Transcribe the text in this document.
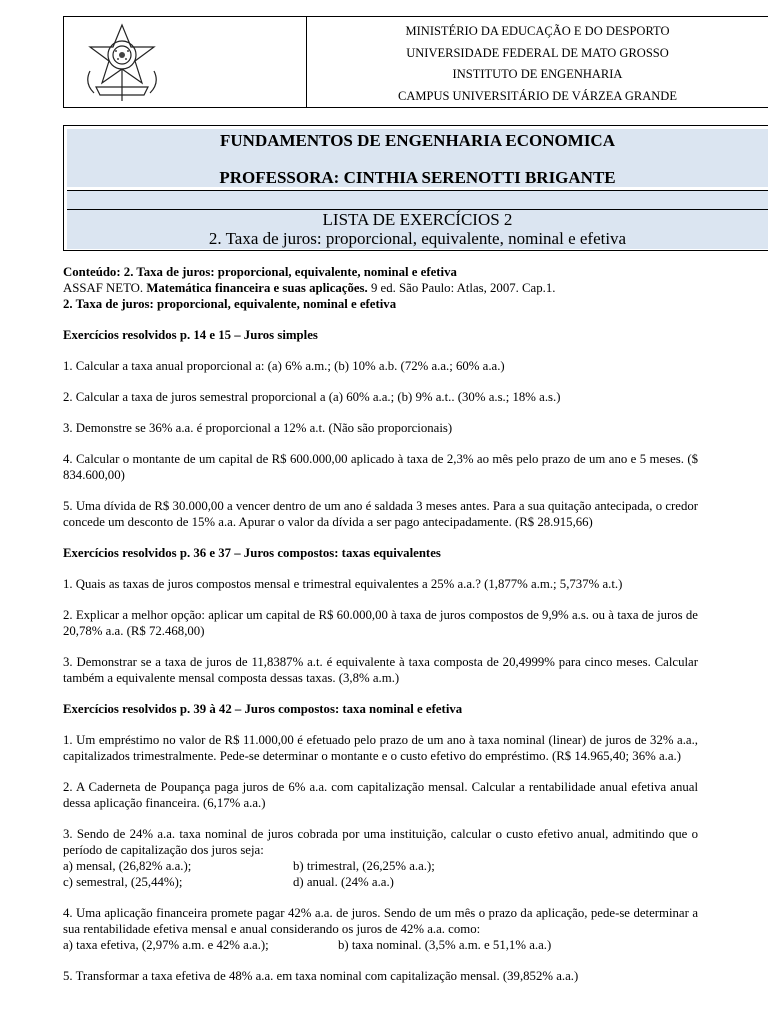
MINISTÉRIO DA EDUCAÇÃO E DO DESPORTO
UNIVERSIDADE FEDERAL DE MATO GROSSO
INSTITUTO DE ENGENHARIA
CAMPUS UNIVERSITÁRIO DE VÁRZEA GRANDE
FUNDAMENTOS DE ENGENHARIA ECONOMICA
PROFESSORA: CINTHIA SERENOTTI BRIGANTE
LISTA DE EXERCÍCIOS 2
2. Taxa de juros: proporcional, equivalente, nominal e efetiva

Conteúdo: 2. Taxa de juros: proporcional, equivalente, nominal e efetiva

ASSAF NETO. Matemática financeira e suas aplicações. 9 ed. São Paulo: Atlas, 2007. Cap.1.

2. Taxa de juros: proporcional, equivalente, nominal e efetiva

Exercícios resolvidos p. 14 e 15 – Juros simples

1. Calcular a taxa anual proporcional a: (a) 6% a.m.; (b) 10% a.b. (72% a.a.; 60% a.a.)

2. Calcular a taxa de juros semestral proporcional a (a) 60% a.a.; (b) 9% a.t.. (30% a.s.; 18% a.s.)

3. Demonstre se 36% a.a. é proporcional a 12% a.t. (Não são proporcionais)

4. Calcular o montante de um capital de R$ 600.000,00 aplicado à taxa de 2,3% ao mês pelo prazo de um ano e 5 meses. ($ 834.600,00)

5. Uma dívida de R$ 30.000,00 a vencer dentro de um ano é saldada 3 meses antes. Para a sua quitação antecipada, o credor concede um desconto de 15% a.a. Apurar o valor da dívida a ser pago antecipadamente. (R$ 28.915,66)

Exercícios resolvidos p. 36 e 37 – Juros compostos: taxas equivalentes

1. Quais as taxas de juros compostos mensal e trimestral equivalentes a 25% a.a.? (1,877% a.m.; 5,737% a.t.)

2. Explicar a melhor opção: aplicar um capital de R$ 60.000,00 à taxa de juros compostos de 9,9% a.s. ou à taxa de juros de 20,78% a.a. (R$ 72.468,00)

3. Demonstrar se a taxa de juros de 11,8387% a.t. é equivalente à taxa composta de 20,4999% para cinco meses. Calcular também a equivalente mensal composta dessas taxas. (3,8% a.m.)

Exercícios resolvidos p. 39 à 42 – Juros compostos: taxa nominal e efetiva

1. Um empréstimo no valor de R$ 11.000,00 é efetuado pelo prazo de um ano à taxa nominal (linear) de juros de 32% a.a., capitalizados trimestralmente. Pede-se determinar o montante e o custo efetivo do empréstimo. (R$ 14.965,40; 36% a.a.)

2. A Caderneta de Poupança paga juros de 6% a.a. com capitalização mensal. Calcular a rentabilidade anual efetiva anual dessa aplicação financeira. (6,17% a.a.)

3. Sendo de 24% a.a. taxa nominal de juros cobrada por uma instituição, calcular o custo efetivo anual, admitindo que o período de capitalização dos juros seja:

a) mensal, (26,82% a.a.);	b) trimestral, (26,25% a.a.);
c) semestral, (25,44%);	d) anual. (24% a.a.)

4. Uma aplicação financeira promete pagar 42% a.a. de juros. Sendo de um mês o prazo da aplicação, pede-se determinar a sua rentabilidade efetiva mensal e anual considerando os juros de 42% a.a. como:

a) taxa efetiva, (2,97% a.m. e 42% a.a.);	b) taxa nominal. (3,5% a.m. e 51,1% a.a.)

5. Transformar a taxa efetiva de 48% a.a. em taxa nominal com capitalização mensal. (39,852% a.a.)
